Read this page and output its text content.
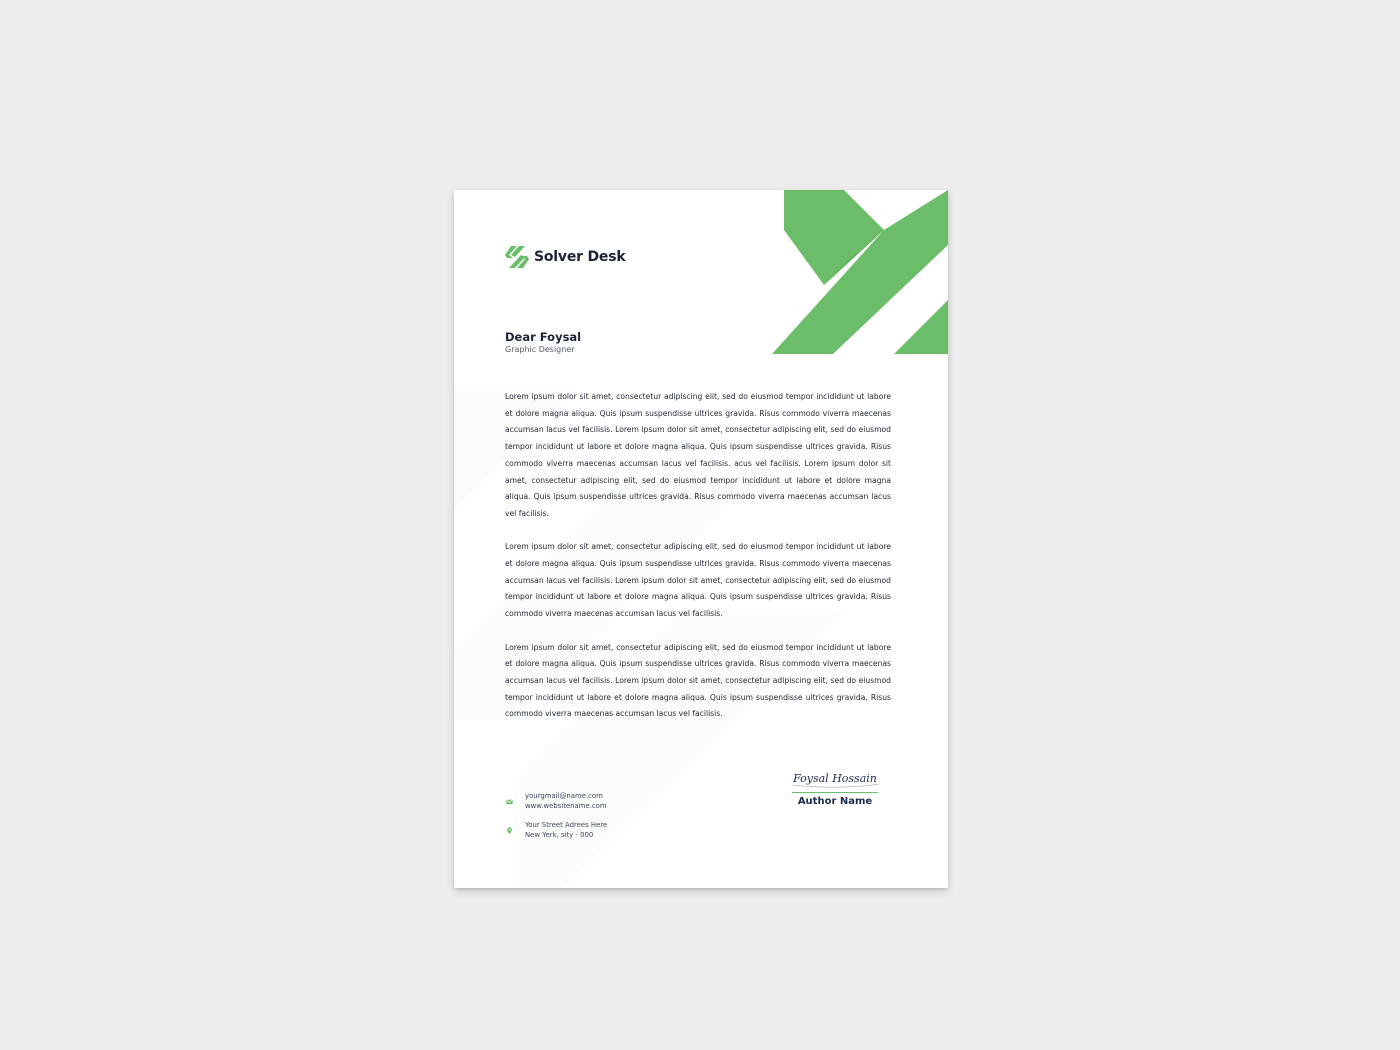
Solver Desk
Dear Foysal
Graphic Designer

Lorem ipsum dolor sit amet, consectetur adipiscing elit, sed do eiusmod tempor incididunt ut labore et dolore magna aliqua. Quis ipsum suspendisse ultrices gravida. Risus commodo viverra maecenas accumsan lacus vel facilisis. Lorem ipsum dolor sit amet, consectetur adipiscing elit, sed do eiusmod tempor incididunt ut labore et dolore magna aliqua. Quis ipsum suspendisse ultrices gravida. Risus commodo viverra maecenas accumsan lacus vel facilisis. acus vel facilisis. Lorem ipsum dolor sit amet, consectetur adipiscing elit, sed do eiusmod tempor incididunt ut labore et dolore magna aliqua. Quis ipsum suspendisse ultrices gravida. Risus commodo viverra maecenas accumsan lacus vel facilisis.

Lorem ipsum dolor sit amet, consectetur adipiscing elit, sed do eiusmod tempor incididunt ut labore et dolore magna aliqua. Quis ipsum suspendisse ultrices gravida. Risus commodo viverra maecenas accumsan lacus vel facilisis. Lorem ipsum dolor sit amet, consectetur adipiscing elit, sed do eiusmod tempor incididunt ut labore et dolore magna aliqua. Quis ipsum suspendisse ultrices gravida. Risus commodo viverra maecenas accumsan lacus vel facilisis.

Lorem ipsum dolor sit amet, consectetur adipiscing elit, sed do eiusmod tempor incididunt ut labore et dolore magna aliqua. Quis ipsum suspendisse ultrices gravida. Risus commodo viverra maecenas accumsan lacus vel facilisis. Lorem ipsum dolor sit amet, consectetur adipiscing elit, sed do eiusmod tempor incididunt ut labore et dolore magna aliqua. Quis ipsum suspendisse ultrices gravida. Risus commodo viverra maecenas accumsan lacus vel facilisis.

yourgmail@name.com
www.websitename.com
Your Street Adrees Here
New Yerk, sity - 000
Foysal Hossain
Author Name
